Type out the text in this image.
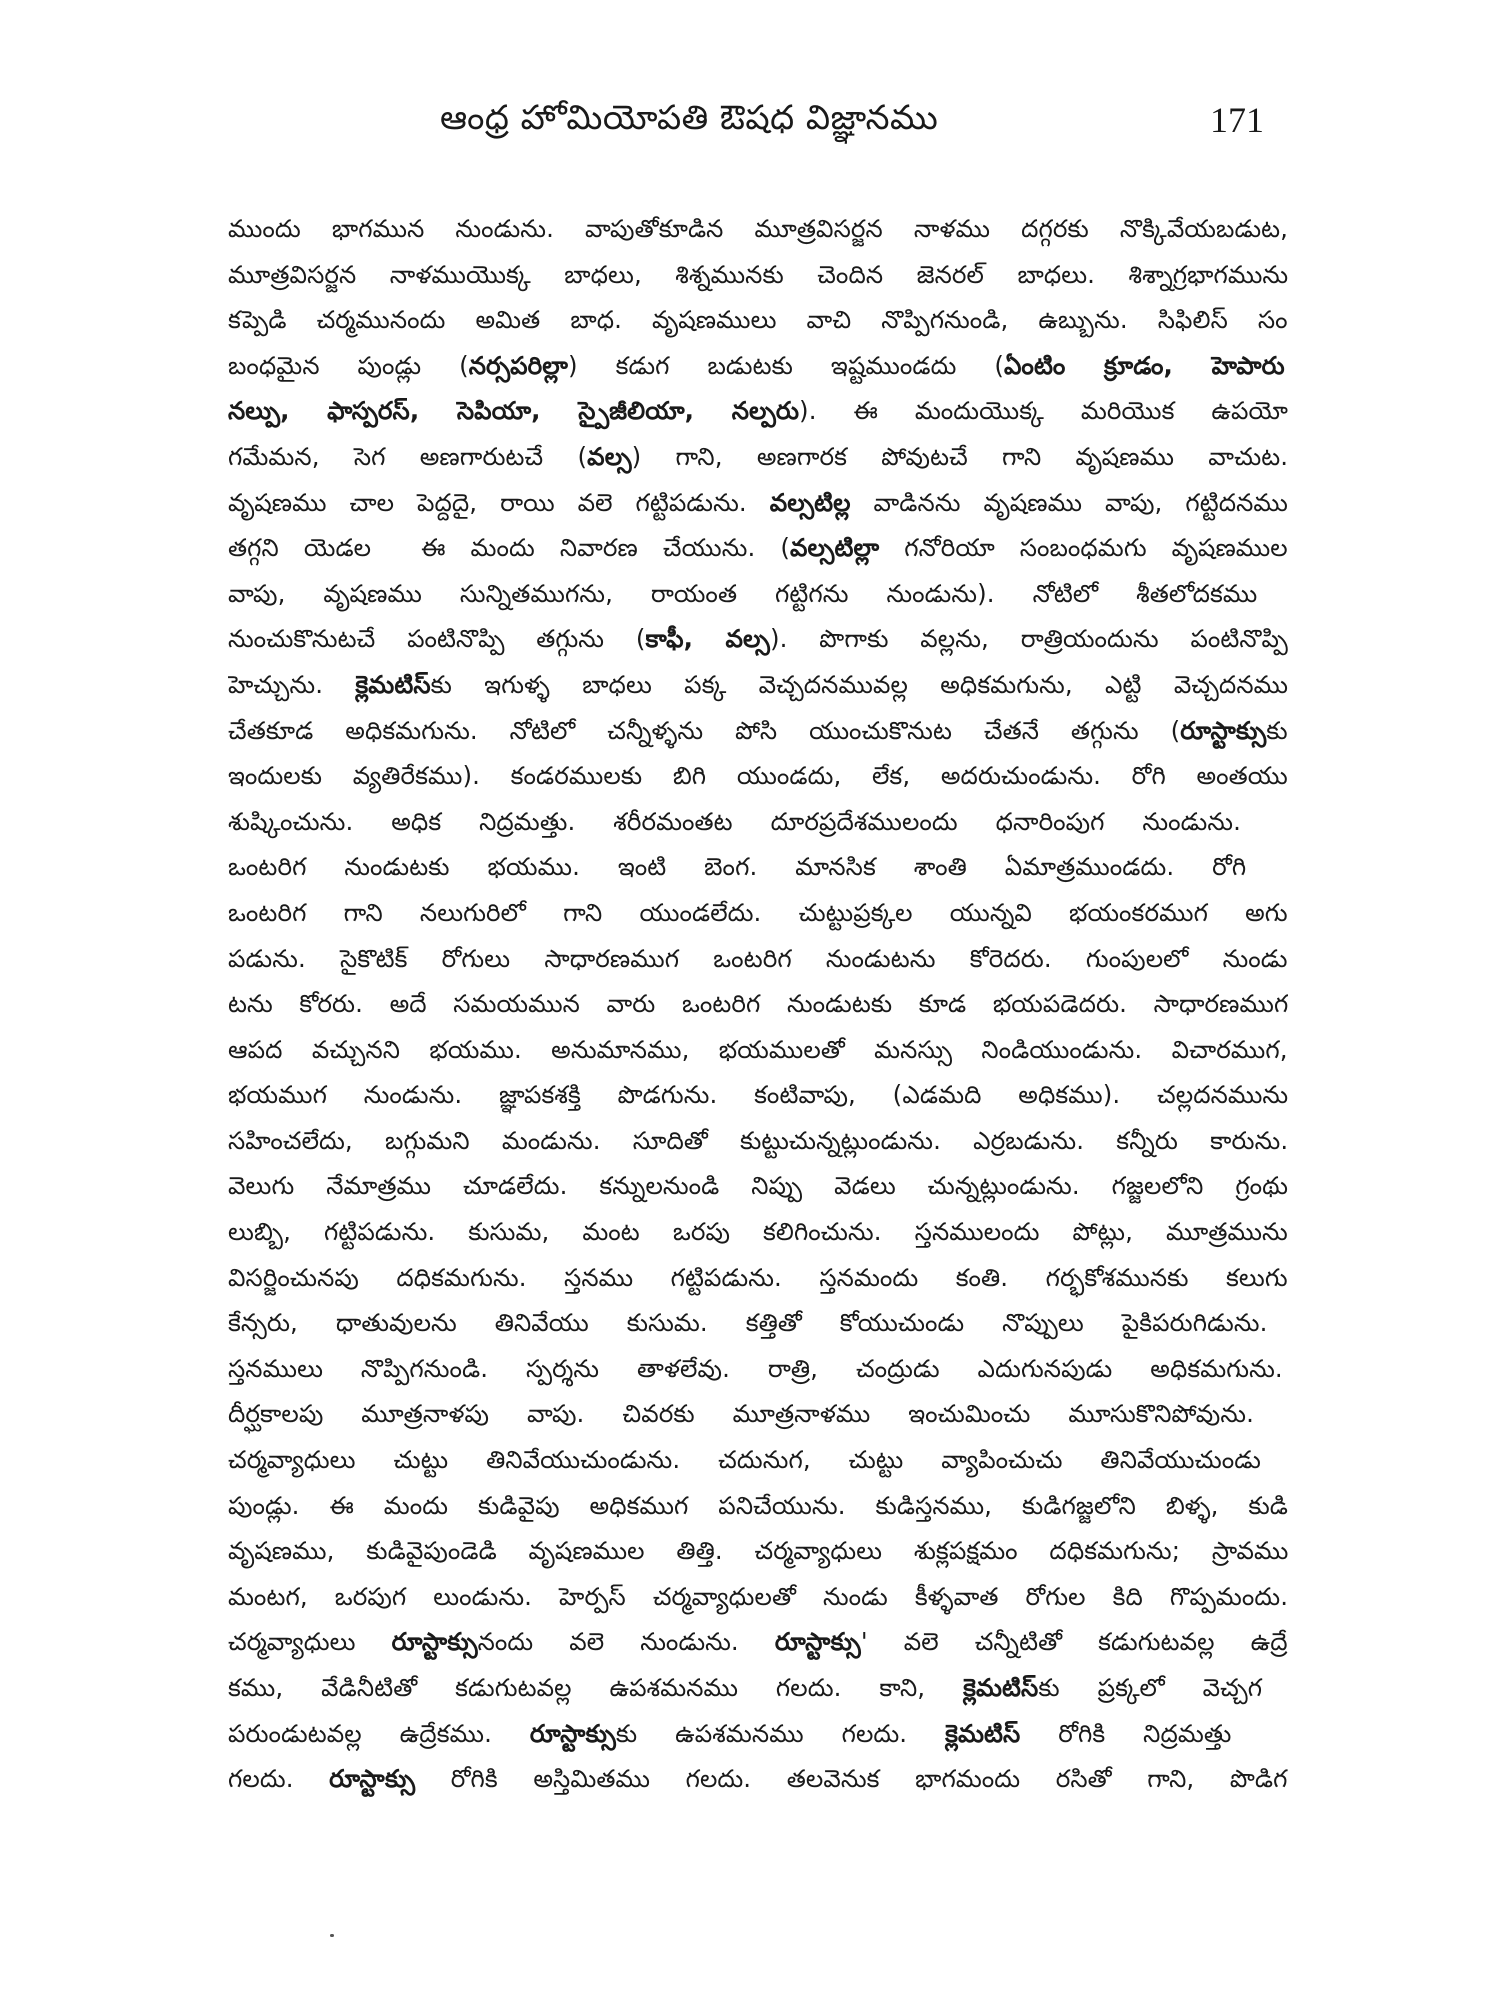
ఆంధ్ర హోమియోపతి ఔషధ విజ్ఞానము	171
ముందు భాగమున నుండును. వాపుతోకూడిన మూత్రవిసర్జన నాళము దగ్గరకు నొక్కివేయబడుట,
మూత్రవిసర్జన నాళముయొక్క బాధలు, శిశ్నమునకు చెందిన జెనరల్ బాధలు. శిశ్నాగ్రభాగమును
కప్పెడి చర్మమునందు అమిత బాధ. వృషణములు వాచి నొప్పిగనుండి, ఉబ్బును. సిఫిలిస్ సం
బంధమైన పుండ్లు (నర్సపరిల్లా) కడుగ బడుటకు ఇష్టముండదు (ఏంటిం క్రూడం, హెపారు
నల్పు, ఫాస్పరస్, సెపియా, స్పైజీలియా, నల్పరు). ఈ మందుయొక్క మరియొక ఉపయో
గమేమన, సెగ అణగారుటచే (వల్స) గాని, అణగారక పోవుటచే గాని వృషణము వాచుట.
వృషణము చాల పెద్దదై, రాయి వలె గట్టిపడును. వల్సటిల్ల వాడినను వృషణము వాపు, గట్టిదనము
తగ్గని యెడల  ఈ మందు నివారణ చేయును. (వల్సటిల్లా గనోరియా సంబంధమగు వృషణముల
వాపు, వృషణము సున్నితముగను, రాయంత గట్టిగను నుండును). నోటిలో శీతలోదకము
నుంచుకొనుటచే పంటినొప్పి తగ్గును (కాఫీ, వల్స). పొగాకు వల్లను, రాత్రియందును పంటినొప్పి
హెచ్చును. క్లెమటిస్కు ఇగుళ్ళ బాధలు పక్క వెచ్చదనమువల్ల అధికమగును, ఎట్టి వెచ్చదనము
చేతకూడ అధికమగును. నోటిలో చన్నీళ్ళను పోసి యుంచుకొనుట చేతనే తగ్గును (రూస్టాక్సుకు
ఇందులకు వ్యతిరేకము). కండరములకు బిగి యుండదు, లేక, అదరుచుండును. రోగి అంతయు
శుష్కించును. అధిక నిద్రమత్తు. శరీరమంతట దూరప్రదేశములందు ధనారింపుగ నుండును.
ఒంటరిగ నుండుటకు భయము. ఇంటి బెంగ. మానసిక శాంతి ఏమాత్రముండదు. రోగి
ఒంటరిగ గాని నలుగురిలో గాని యుండలేదు. చుట్టుప్రక్కల యున్నవి భయంకరముగ అగు
పడును. సైకొటిక్ రోగులు సాధారణముగ ఒంటరిగ నుండుటను కోరెదరు. గుంపులలో నుండు
టను కోరరు. అదే సమయమున వారు ఒంటరిగ నుండుటకు కూడ భయపడెదరు. సాధారణముగ
ఆపద వచ్చునని భయము. అనుమానము, భయములతో మనస్సు నిండియుండును. విచారముగ,
భయముగ నుండును. జ్ఞాపకశక్తి పొడగును. కంటివాపు, (ఎడమది అధికము). చల్లదనమును
సహించలేదు, బగ్గుమని మండును. సూదితో కుట్టుచున్నట్లుండును. ఎర్రబడును. కన్నీరు కారును.
వెలుగు నేమాత్రము చూడలేదు. కన్నులనుండి నిప్పు వెడలు చున్నట్లుండును. గజ్జలలోని గ్రంథు
లుబ్బి, గట్టిపడును. కుసుమ, మంట ఒరపు కలిగించును. స్తనములందు పోట్లు, మూత్రమును
విసర్జించునపు దధికమగును. స్తనము గట్టిపడును. స్తనమందు కంతి. గర్భకోశమునకు కలుగు
కేన్సరు, ధాతువులను తినివేయు కుసుమ. కత్తితో కోయుచుండు నొప్పులు పైకిపరుగిడును.
స్తనములు నొప్పిగనుండి. స్పర్శను తాళలేవు. రాత్రి, చంద్రుడు ఎదుగునపుడు అధికమగును.
దీర్ఘకాలపు మూత్రనాళపు వాపు. చివరకు మూత్రనాళము ఇంచుమించు మూసుకొనిపోవును.
చర్మవ్యాధులు చుట్టు తినివేయుచుండును. చదునుగ, చుట్టు వ్యాపించుచు తినివేయుచుండు
పుండ్లు. ఈ మందు కుడివైపు అధికముగ పనిచేయును. కుడిస్తనము, కుడిగజ్జలోని బిళ్ళ, కుడి
వృషణము, కుడివైపుండెడి వృషణముల తిత్తి. చర్మవ్యాధులు శుక్లపక్షమం దధికమగును; స్రావము
మంటగ, ఒరపుగ లుండును. హెర్పస్ చర్మవ్యాధులతో నుండు కీళ్ళవాత రోగుల కిది గొప్పమందు.
చర్మవ్యాధులు రూస్టాక్సునందు వలె నుండును. రూస్టాక్సు' వలె చన్నీటితో కడుగుటవల్ల ఉద్రే
కము, వేడినీటితో కడుగుటవల్ల ఉపశమనము గలదు. కాని, క్లెమటిస్కు ప్రక్కలో వెచ్చగ
పరుండుటవల్ల ఉద్రేకము. రూస్టాక్సుకు ఉపశమనము గలదు. క్లెమటిస్ రోగికి నిద్రమత్తు
గలదు. రూస్టాక్సు రోగికి అస్తిమితము గలదు. తలవెనుక భాగమందు రసితో గాని, పొడిగ
